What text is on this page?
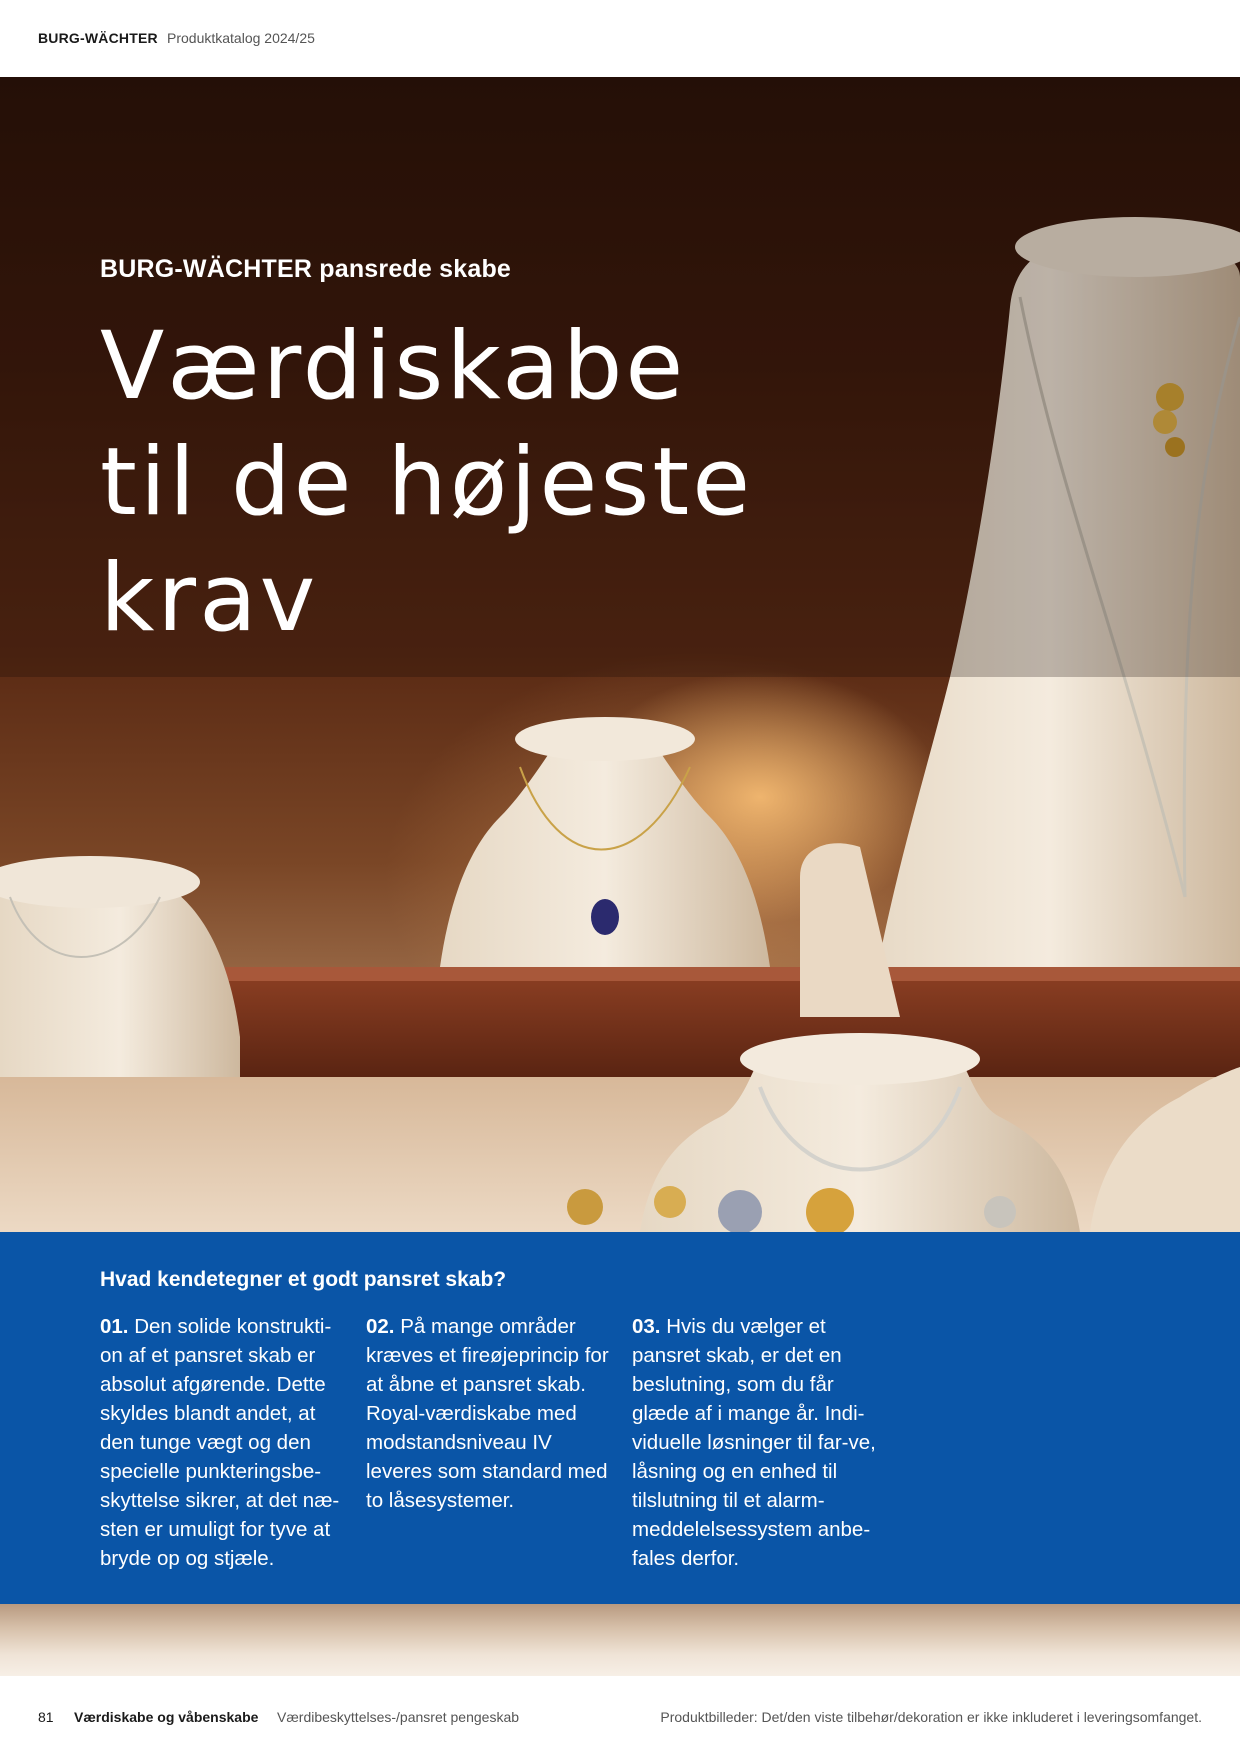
BURG-WÄCHTER Produktkatalog 2024/25
BURG-WÄCHTER pansrede skabe
Værdiskabe
til de højeste
krav
Hvad kendetegner et godt pansret skab?

01. Den solide konstrukti-on af et pansret skab er absolut afgørende. Dette skyldes blandt andet, at den tunge vægt og den specielle punkteringsbe-skyttelse sikrer, at det næ-sten er umuligt for tyve at bryde op og stjæle.

02. På mange områder kræves et fireøjeprincip for at åbne et pansret skab. Royal-værdiskabe med modstandsniveau IV leveres som standard med to låsesystemer.

03. Hvis du vælger et pansret skab, er det en beslutning, som du får glæde af i mange år. Indi-viduelle løsninger til far-ve, låsning og en enhed til tilslutning til et alarm-meddelelsessystem anbe-fales derfor.

81 Værdiskabe og våbenskabe Værdibeskyttelses-/pansret pengeskab	Produktbilleder: Det/den viste tilbehør/dekoration er ikke inkluderet i leveringsomfanget.
